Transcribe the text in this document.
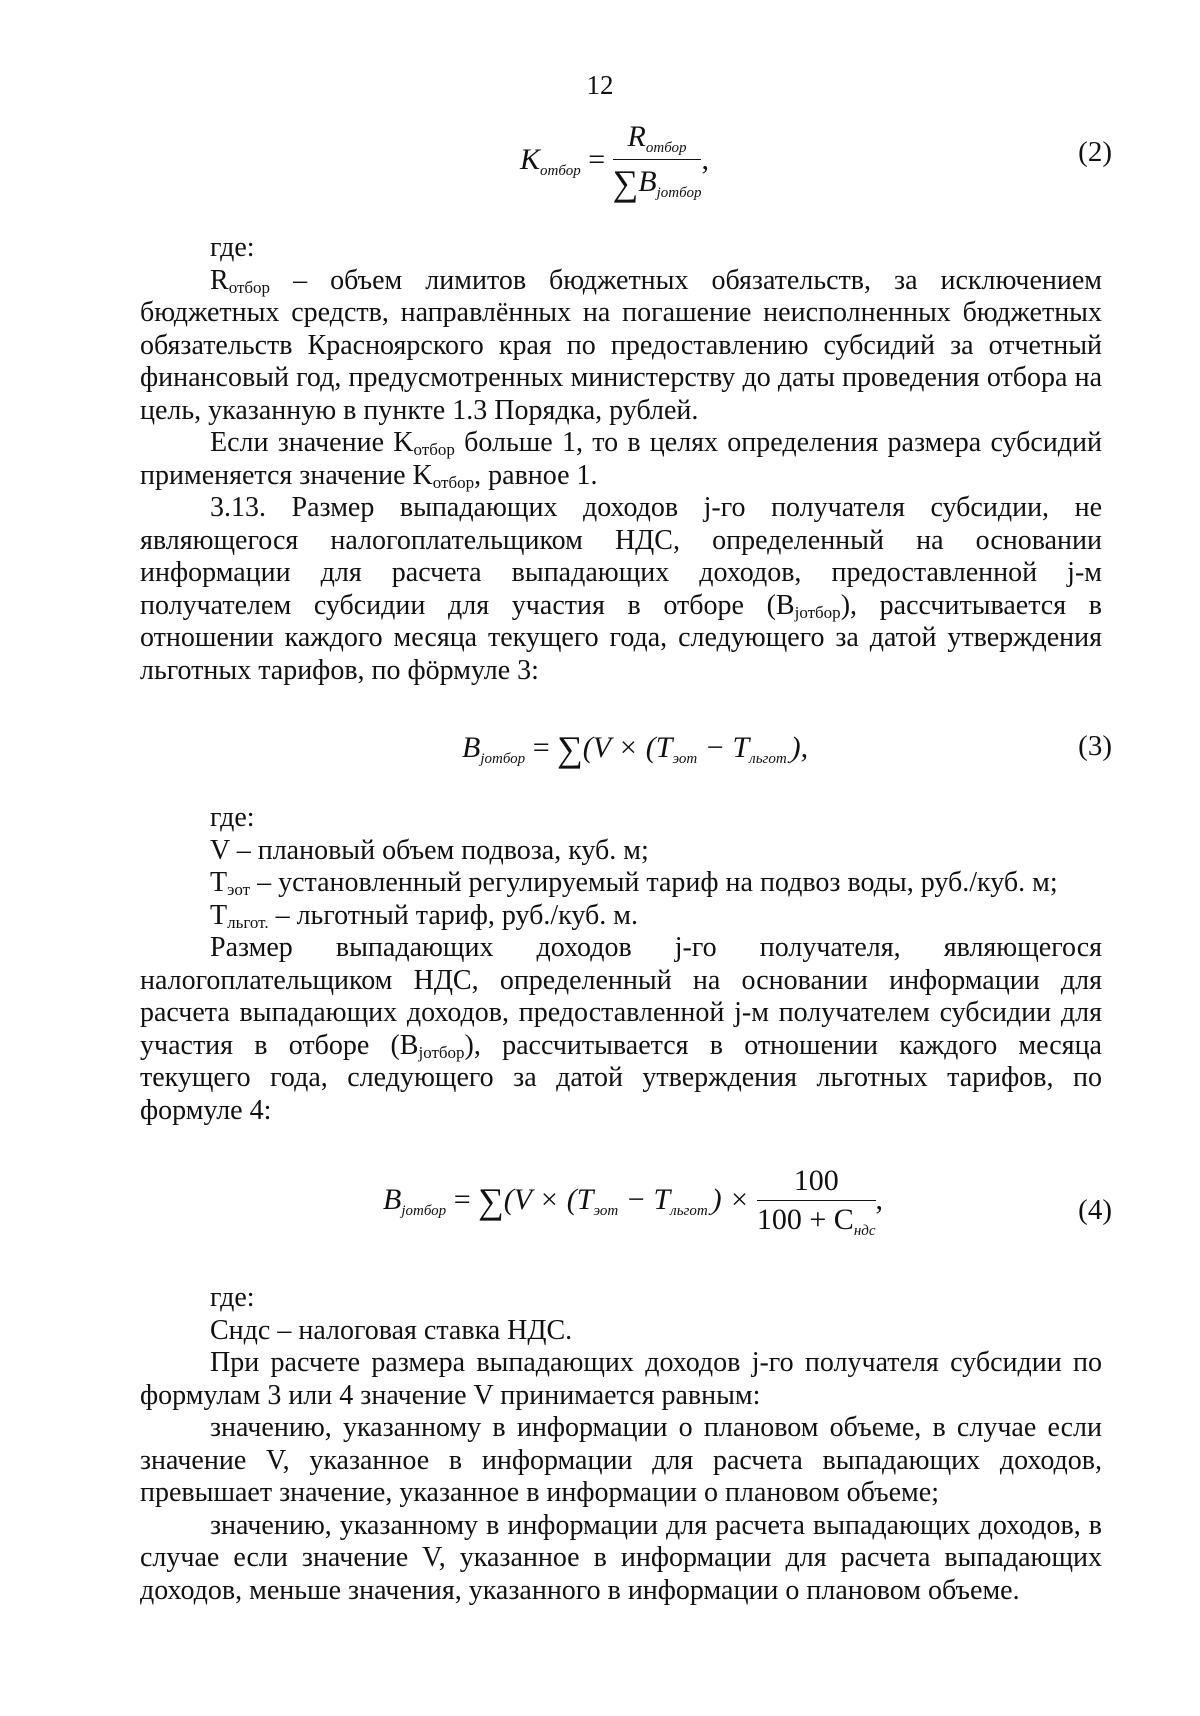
12
$K_{отбор} = \frac{R_{отбор}}{\sum B_{jотбор}}$ ,	(2)

где:

$R_{отбор}$ – объем лимитов бюджетных обязательств, за исключением бюджетных средств, направлённых на погашение неисполненных бюджетных обязательств Красноярского края по предоставлению субсидий за отчетный финансовый год, предусмотренных министерству до даты проведения отбора на цель, указанную в пункте 1.3 Порядка, рублей.

Если значение $K_{отбор}$ больше 1, то в целях определения размера субсидий применяется значение $K_{отбор}$, равное 1.

3.13. Размер выпадающих доходов j-го получателя субсидии, не являющегося налогоплательщиком НДС, определенный на основании информации для расчета выпадающих доходов, предоставленной j-м получателем субсидии для участия в отборе $(B_{jотбор})$, рассчитывается в отношении каждого месяца текущего года, следующего за датой утверждения льготных тарифов, по фӧрмуле 3:

$B_{jотбор} = \sum(V \times (T_{эот} - T_{льгот.})$,	(3)

где:

V – плановый объем подвоза, куб. м;

$T_{эот}$ – установленный регулируемый тариф на подвоз воды, руб./куб. м;

$T_{льгот.}$ – льготный тариф, руб./куб. м.

Размер выпадающих доходов j-го получателя, являющегося налогоплательщиком НДС, определенный на основании информации для расчета выпадающих доходов, предоставленной j-м получателем субсидии для участия в отборе $(B_{jотбор})$, рассчитывается в отношении каждого месяца текущего года, следующего за датой утверждения льготных тарифов, по формуле 4:

$B_{jотбор} = \sum(V \times (T_{эот} - T_{льгот.}) \times \frac{100}{100 + C_{ндс}}$ ,	(4)

где:

Сндс – налоговая ставка НДС.

При расчете размера выпадающих доходов j-го получателя субсидии по формулам 3 или 4 значение V принимается равным:

значению, указанному в информации о плановом объеме, в случае если значение V, указанное в информации для расчета выпадающих доходов, превышает значение, указанное в информации о плановом объеме;

значению, указанному в информации для расчета выпадающих доходов, в случае если значение V, указанное в информации для расчета выпадающих доходов, меньше значения, указанного в информации о плановом объеме.
